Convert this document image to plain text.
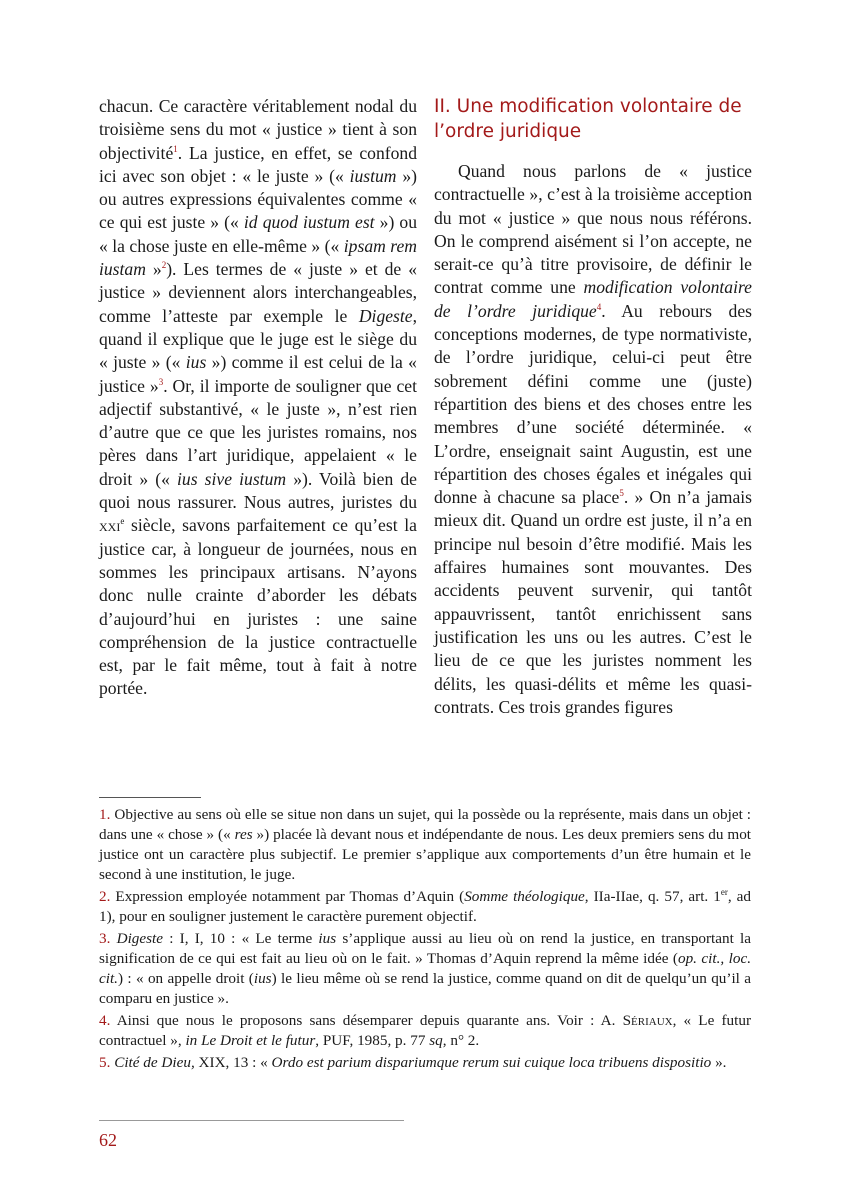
chacun. Ce caractère véritablement nodal du troisième sens du mot « justice » tient à son objectivité$^1$. La justice, en effet, se confond ici avec son objet : « le juste » (« iustum ») ou autres expressions équivalentes comme « ce qui est juste » (« id quod iustum est ») ou « la chose juste en elle-même » (« ipsam rem iustam »$^2$). Les termes de « juste » et de « justice » deviennent alors interchangeables, comme l’atteste par exemple le Digeste, quand il explique que le juge est le siège du « juste » (« ius ») comme il est celui de la « justice »$^3$. Or, il importe de souligner que cet adjectif substantivé, « le juste », n’est rien d’autre que ce que les juristes romains, nos pères dans l’art juridique, appelaient « le droit » (« ius sive iustum »). Voilà bien de quoi nous rassurer. Nous autres, juristes du xxi$^e$ siècle, savons parfaitement ce qu’est la justice car, à longueur de journées, nous en sommes les principaux artisans. N’ayons donc nulle crainte d’aborder les débats d’aujourd’hui en juristes : une saine compréhension de la justice contractuelle est, par le fait même, tout à fait à notre portée.

II. Une modification volontaire de l’ordre juridique

Quand nous parlons de « justice contractuelle », c’est à la troisième acception du mot « justice » que nous nous référons. On le comprend aisément si l’on accepte, ne serait-ce qu’à titre provisoire, de définir le contrat comme une modification volontaire de l’ordre juridique$^4$. Au rebours des conceptions modernes, de type normativiste, de l’ordre juridique, celui-ci peut être sobrement défini comme une (juste) répartition des biens et des choses entre les membres d’une société déterminée. « L’ordre, enseignait saint Augustin, est une répartition des choses égales et inégales qui donne à chacune sa place$^5$. » On n’a jamais mieux dit. Quand un ordre est juste, il n’a en principe nul besoin d’être modifié. Mais les affaires humaines sont mouvantes. Des accidents peuvent survenir, qui tantôt appauvrissent, tantôt enrichissent sans justification les uns ou les autres. C’est le lieu de ce que les juristes nomment les délits, les quasi-délits et même les quasi-contrats. Ces trois grandes figures

1. Objective au sens où elle se situe non dans un sujet, qui la possède ou la représente, mais dans un objet : dans une « chose » (« res ») placée là devant nous et indépendante de nous. Les deux premiers sens du mot justice ont un caractère plus subjectif. Le premier s’applique aux comportements d’un être humain et le second à une institution, le juge.

2. Expression employée notamment par Thomas d’Aquin (Somme théologique, IIa-IIae, q. 57, art. 1er, ad 1), pour en souligner justement le caractère purement objectif.

3. Digeste : I, I, 10 : « Le terme ius s’applique aussi au lieu où on rend la justice, en transportant la signification de ce qui est fait au lieu où on le fait. » Thomas d’Aquin reprend la même idée (op. cit., loc. cit.) : « on appelle droit (ius) le lieu même où se rend la justice, comme quand on dit de quelqu’un qu’il a comparu en justice ».

4. Ainsi que nous le proposons sans désemparer depuis quarante ans. Voir : A. Sériaux, « Le futur contractuel », in Le Droit et le futur, PUF, 1985, p. 77 sq, n° 2.

5. Cité de Dieu, XIX, 13 : « Ordo est parium dispariumque rerum sui cuique loca tribuens dispositio ».

62
